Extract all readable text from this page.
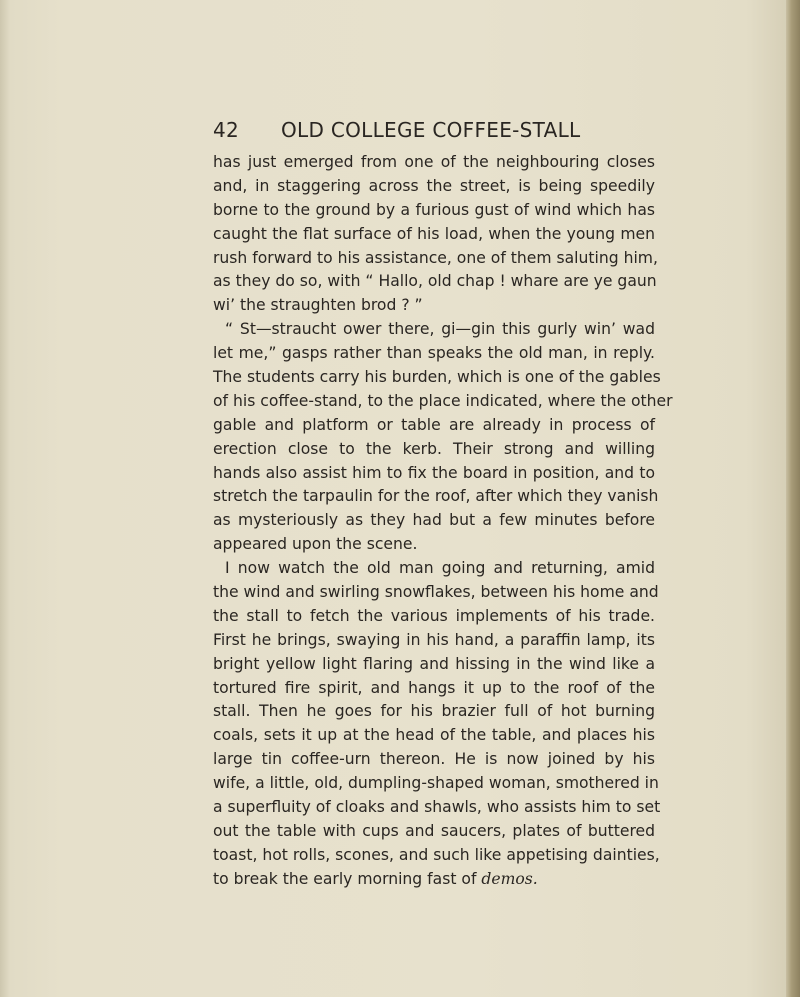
42 OLD COLLEGE COFFEE-STALL
has just emerged from one of the neighbouring closes
and, in staggering across the street, is being speedily
borne to the ground by a furious gust of wind which has
caught the flat surface of his load, when the young men
rush forward to his assistance, one of them saluting him,
as they do so, with “ Hallo, old chap ! whare are ye gaun
wi’ the straughten brod ? ”
“ St—straucht ower there, gi—gin this gurly win’ wad
let me,” gasps rather than speaks the old man, in reply.
The students carry his burden, which is one of the gables
of his coffee-stand, to the place indicated, where the other
gable and platform or table are already in process of
erection close to the kerb. Their strong and willing
hands also assist him to fix the board in position, and to
stretch the tarpaulin for the roof, after which they vanish
as mysteriously as they had but a few minutes before
appeared upon the scene.
I now watch the old man going and returning, amid
the wind and swirling snowflakes, between his home and
the stall to fetch the various implements of his trade.
First he brings, swaying in his hand, a paraffin lamp, its
bright yellow light flaring and hissing in the wind like a
tortured fire spirit, and hangs it up to the roof of the
stall. Then he goes for his brazier full of hot burning
coals, sets it up at the head of the table, and places his
large tin coffee-urn thereon. He is now joined by his
wife, a little, old, dumpling-shaped woman, smothered in
a superfluity of cloaks and shawls, who assists him to set
out the table with cups and saucers, plates of buttered
toast, hot rolls, scones, and such like appetising dainties,
to break the early morning fast of demos.
